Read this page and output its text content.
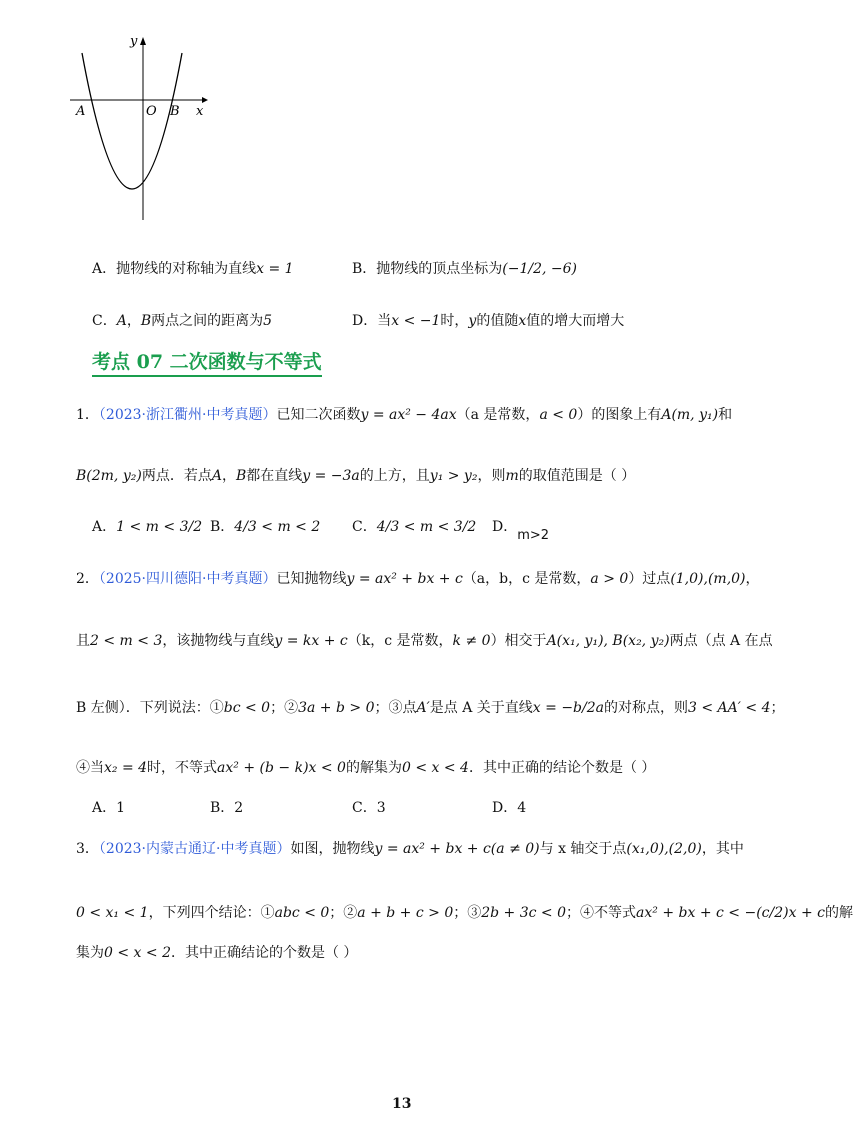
y
x
O
A	B
A．抛物线的对称轴为直线x = 1	B．抛物线的顶点坐标为(−1/2, −6)
C．A，B两点之间的距离为5	D．当x < −1时，y的值随x值的增大而增大
考点 07 二次函数与不等式
1．（2023·浙江衢州·中考真题）已知二次函数y = ax² − 4ax（a 是常数，a < 0）的图象上有A(m, y₁)和
B(2m, y₂)两点．若点A，B都在直线y = −3a的上方，且y₁ > y₂，则m的取值范围是（ ）
A．1 < m < 3/2 B．4/3 < m < 2 C．4/3 < m < 3/2 D．m>2
2．（2025·四川德阳·中考真题）已知抛物线y = ax² + bx + c（a，b，c 是常数，a > 0）过点(1,0),(m,0)，
且2 < m < 3，该抛物线与直线y = kx + c（k，c 是常数，k ≠ 0）相交于A(x₁, y₁), B(x₂, y₂)两点（点 A 在点
B 左侧）．下列说法：①bc < 0；②3a + b > 0；③点A′是点 A 关于直线x = −b/2a的对称点，则3 < AA′ < 4；
④当x₂ = 4时，不等式ax² + (b − k)x < 0的解集为0 < x < 4．其中正确的结论个数是（ ）
A．1	B．2	C．3	D．4
3．（2023·内蒙古通辽·中考真题）如图，抛物线y = ax² + bx + c(a ≠ 0)与 x 轴交于点(x₁,0),(2,0)，其中
0 < x₁ < 1，下列四个结论：①abc < 0；②a + b + c > 0；③2b + 3c < 0；④不等式ax² + bx + c < −(c/2)x + c的解
集为0 < x < 2．其中正确结论的个数是（ ）
13
